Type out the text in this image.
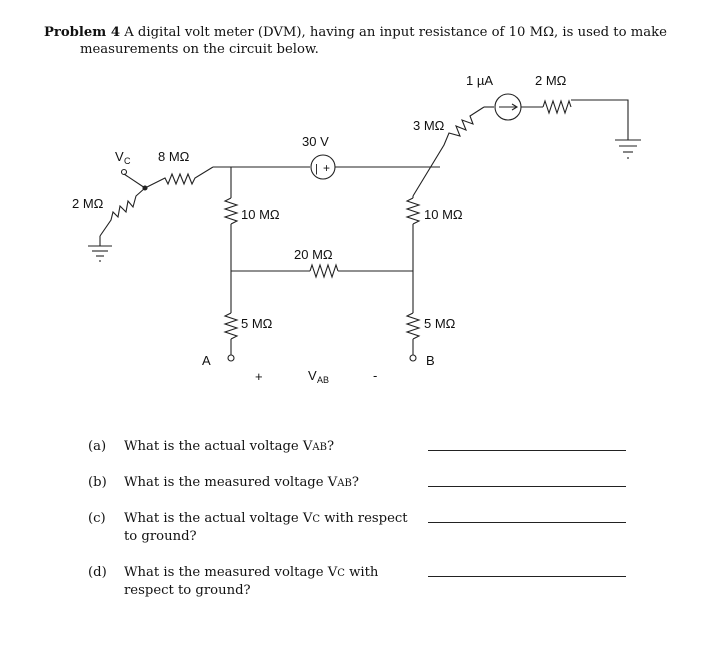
Problem 4 A digital volt meter (DVM), having an input resistance of 10 MΩ, is used to make
measurements on the circuit below.
1 µA	2 MΩ
3 MΩ
30 V
| +
V C 8 MΩ
2 MΩ
10 MΩ	10 MΩ
20 MΩ
5 MΩ	5 MΩ
A	B
+	V AB	-
(a)	What is the actual voltage VAB?
(b)	What is the measured voltage VAB?
(c)	What is the actual voltage VC with respect to ground?
(d)	What is the measured voltage VC with respect to ground?
